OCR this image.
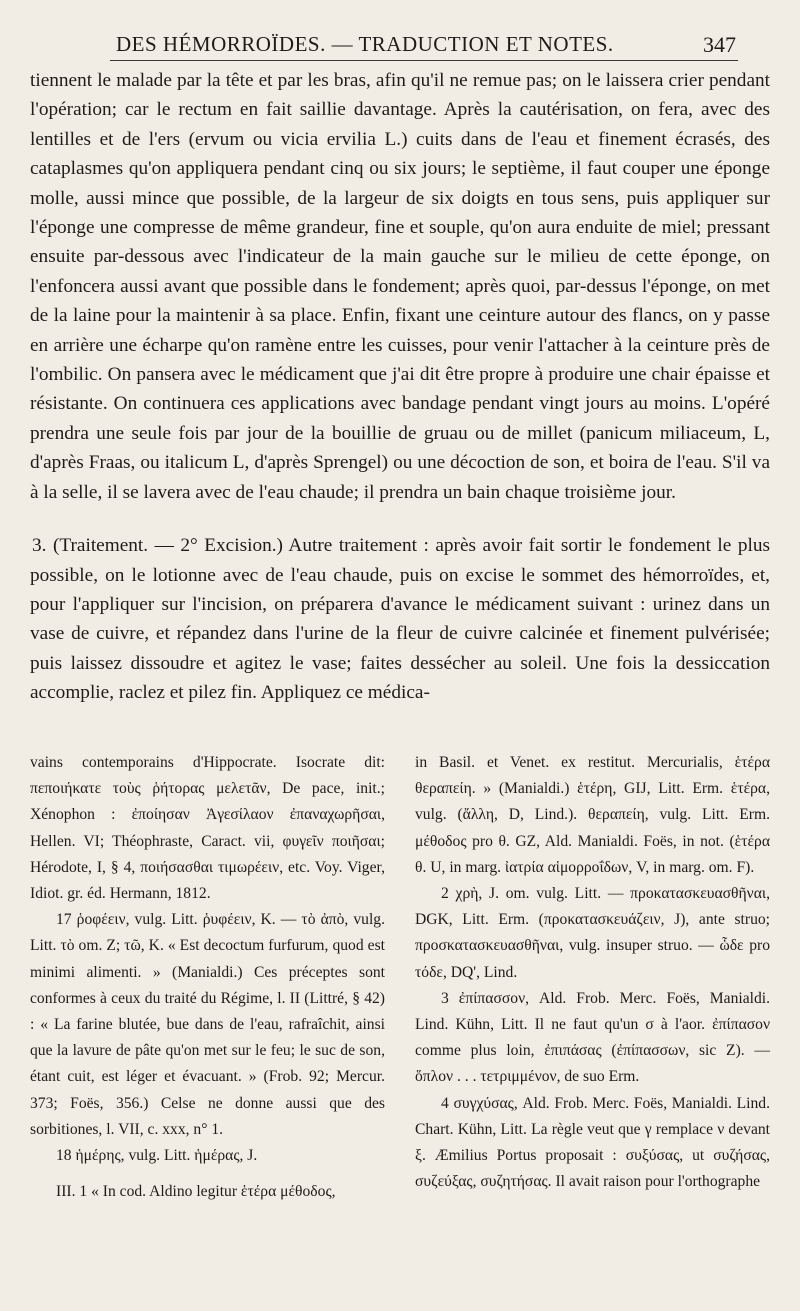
DES HÉMORROÏDES. — TRADUCTION ET NOTES.	347

tiennent le malade par la tête et par les bras, afin qu'il ne remue pas; on le laissera crier pendant l'opération; car le rectum en fait saillie davantage. Après la cautérisation, on fera, avec des lentilles et de l'ers (ervum ou vicia ervilia L.) cuits dans de l'eau et finement écrasés, des cataplasmes qu'on appliquera pendant cinq ou six jours; le septième, il faut couper une éponge molle, aussi mince que possible, de la largeur de six doigts en tous sens, puis appliquer sur l'éponge une compresse de même grandeur, fine et souple, qu'on aura enduite de miel; pressant ensuite par-dessous avec l'indicateur de la main gauche sur le milieu de cette éponge, on l'enfoncera aussi avant que possible dans le fondement; après quoi, par-dessus l'éponge, on met de la laine pour la maintenir à sa place. Enfin, fixant une ceinture autour des flancs, on y passe en arrière une écharpe qu'on ramène entre les cuisses, pour venir l'attacher à la ceinture près de l'ombilic. On pansera avec le médicament que j'ai dit être propre à produire une chair épaisse et résistante. On continuera ces applications avec bandage pendant vingt jours au moins. L'opéré prendra une seule fois par jour de la bouillie de gruau ou de millet (panicum miliaceum, L, d'après Fraas, ou italicum L, d'après Sprengel) ou une décoction de son, et boira de l'eau. S'il va à la selle, il se lavera avec de l'eau chaude; il prendra un bain chaque troisième jour.

3. (Traitement. — 2° Excision.) Autre traitement : après avoir fait sortir le fondement le plus possible, on le lotionne avec de l'eau chaude, puis on excise le sommet des hémorroïdes, et, pour l'appliquer sur l'incision, on préparera d'avance le médicament suivant : urinez dans un vase de cuivre, et répandez dans l'urine de la fleur de cuivre calcinée et finement pulvérisée; puis laissez dissoudre et agitez le vase; faites dessécher au soleil. Une fois la dessiccation accomplie, raclez et pilez fin. Appliquez ce médica-

vains contemporains d'Hippocrate. Isocrate dit: πεποιήκατε τοὺς ῥήτορας μελετᾶν, De pace, init.; Xénophon : ἐποίησαν Ἀγεσίλαον ἐπαναχωρῆσαι, Hellen. VI; Théophraste, Caract. vii, φυγεῖν ποιῆσαι; Hérodote, I, § 4, ποιήσασθαι τιμωρέειν, etc. Voy. Viger, Idiot. gr. éd. Hermann, 1812.

17 ῥοφέειν, vulg. Litt. ῥυφέειν, K. — τὸ ἀπὸ, vulg. Litt. τὸ om. Z; τῶ, K. « Est decoctum furfurum, quod est minimi alimenti. » (Manialdi.) Ces préceptes sont conformes à ceux du traité du Régime, l. II (Littré, § 42) : « La farine blutée, bue dans de l'eau, rafraîchit, ainsi que la lavure de pâte qu'on met sur le feu; le suc de son, étant cuit, est léger et évacuant. » (Frob. 92; Mercur. 373; Foës, 356.) Celse ne donne aussi que des sorbitiones, l. VII, c. xxx, n° 1.

18 ἡμέρης, vulg. Litt. ἡμέρας, J.

III. 1 « In cod. Aldino legitur ἑτέρα μέθοδος,

in Basil. et Venet. ex restitut. Mercurialis, ἑτέρα θεραπείη. » (Manialdi.) ἑτέρη, GIJ, Litt. Erm. ἑτέρα, vulg. (ἄλλη, D, Lind.). θεραπείη, vulg. Litt. Erm. μέθοδος pro θ. GZ, Ald. Manialdi. Foës, in not. (ἑτέρα θ. U, in marg. ἰατρία αἱμορροΐδων, V, in marg. om. F).

2 χρὴ, J. om. vulg. Litt. — προκατασκευασθῆναι, DGK, Litt. Erm. (προκατασκευάζειν, J), ante struo; προσκατασκευασθῆναι, vulg. insuper struo. — ὧδε pro τόδε, DQ', Lind.

3 ἐπίπασσον, Ald. Frob. Merc. Foës, Manialdi. Lind. Kühn, Litt. Il ne faut qu'un σ à l'aor. ἐπίπασον comme plus loin, ἐπιπάσας (ἐπίπασσων, sic Z). — ὅπλον . . . τετριμμένον, de suo Erm.

4 συγχύσας, Ald. Frob. Merc. Foës, Manialdi. Lind. Chart. Kühn, Litt. La règle veut que γ remplace ν devant ξ. Æmilius Portus proposait : συξύσας, ut συζήσας, συζεύξας, συζητήσας. Il avait raison pour l'orthographe
